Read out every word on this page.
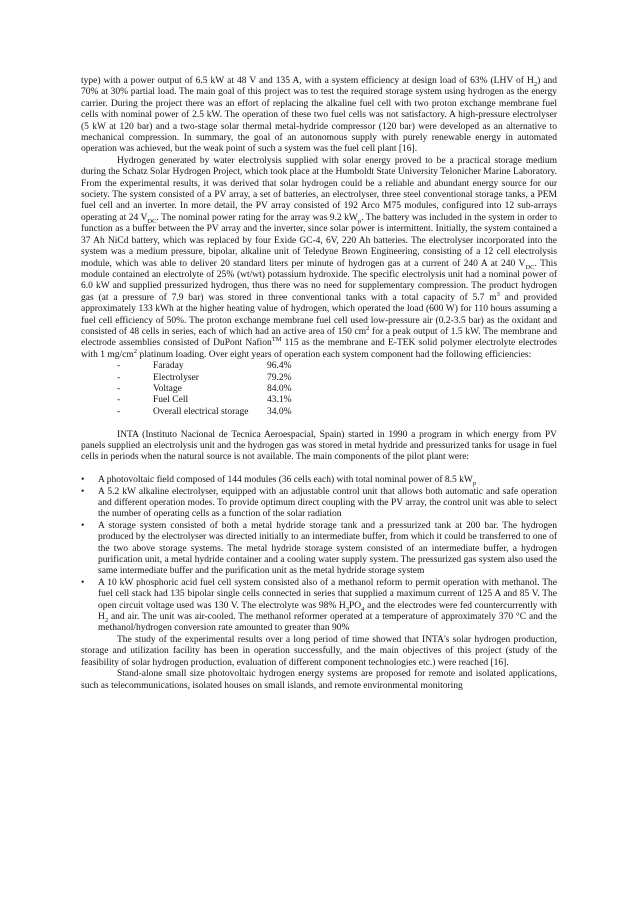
type) with a power output of 6.5 kW at 48 V and 135 A, with a system efficiency at design load of 63% (LHV of $H_2$) and 70% at 30% partial load. The main goal of this project was to test the required storage system using hydrogen as the energy carrier. During the project there was an effort of replacing the alkaline fuel cell with two proton exchange membrane fuel cells with nominal power of 2.5 kW. The operation of these two fuel cells was not satisfactory. A high-pressure electrolyser (5 kW at 120 bar) and a two-stage solar thermal metal-hydride compressor (120 bar) were developed as an alternative to mechanical compression. In summary, the goal of an autonomous supply with purely renewable energy in automated operation was achieved, but the weak point of such a system was the fuel cell plant [16].

Hydrogen generated by water electrolysis supplied with solar energy proved to be a practical storage medium during the Schatz Solar Hydrogen Project, which took place at the Humboldt State University Telonicher Marine Laboratory. From the experimental results, it was derived that solar hydrogen could be a reliable and abundant energy source for our society. The system consisted of a PV array, a set of batteries, an electrolyser, three steel conventional storage tanks, a PEM fuel cell and an inverter. In more detail, the PV array consisted of 192 Arco M75 modules, configured into 12 sub-arrays operating at 24 $V_{DC}$. The nominal power rating for the array was 9.2 $kW_p$. The battery was included in the system in order to function as a buffer between the PV array and the inverter, since solar power is intermittent. Initially, the system contained a 37 Ah NiCd battery, which was replaced by four Exide GC-4, 6V, 220 Ah batteries. The electrolyser incorporated into the system was a medium pressure, bipolar, alkaline unit of Teledyne Brown Engineering, consisting of a 12 cell electrolysis module, which was able to deliver 20 standard liters per minute of hydrogen gas at a current of 240 A at 240 $V_{DC}$. This module contained an electrolyte of 25% (wt/wt) potassium hydroxide. The specific electrolysis unit had a nominal power of 6.0 kW and supplied pressurized hydrogen, thus there was no need for supplementary compression. The product hydrogen gas (at a pressure of 7.9 bar) was stored in three conventional tanks with a total capacity of 5.7 $m^3$ and provided approximately 133 kWh at the higher heating value of hydrogen, which operated the load (600 W) for 110 hours assuming a fuel cell efficiency of 50%. The proton exchange membrane fuel cell used low-pressure air (0.2-3.5 bar) as the oxidant and consisted of 48 cells in series, each of which had an active area of 150 $cm^2$ for a peak output of 1.5 kW. The membrane and electrode assemblies consisted of DuPont Nafion™ 115 as the membrane and E-TEK solid polymer electrolyte electrodes with 1 $mg/cm^2$ platinum loading. Over eight years of operation each system component had the following efficiencies:

-	Faraday	96.4%
-	Electrolyser	79.2%
-	Voltage	84.0%
-	Fuel Cell	43.1%
-	Overall electrical storage	34.0%

INTA (Instituto Nacional de Tecnica Aeroespacial, Spain) started in 1990 a program in which energy from PV panels supplied an electrolysis unit and the hydrogen gas was stored in metal hydride and pressurized tanks for usage in fuel cells in periods when the natural source is not available. The main components of the pilot plant were:

• A photovoltaic field composed of 144 modules (36 cells each) with total nominal power of 8.5 $kW_p$
• A 5.2 kW alkaline electrolyser, equipped with an adjustable control unit that allows both automatic and safe operation and different operation modes. To provide optimum direct coupling with the PV array, the control unit was able to select the number of operating cells as a function of the solar radiation
• A storage system consisted of both a metal hydride storage tank and a pressurized tank at 200 bar. The hydrogen produced by the electrolyser was directed initially to an intermediate buffer, from which it could be transferred to one of the two above storage systems. The metal hydride storage system consisted of an intermediate buffer, a hydrogen purification unit, a metal hydride container and a cooling water supply system. The pressurized gas system also used the same intermediate buffer and the purification unit as the metal hydride storage system
• A 10 kW phosphoric acid fuel cell system consisted also of a methanol reform to permit operation with methanol. The fuel cell stack had 135 bipolar single cells connected in series that supplied a maximum current of 125 A and 85 V. The open circuit voltage used was 130 V. The electrolyte was 98% $H_3PO_4$ and the electrodes were fed countercurrently with $H_2$ and air. The unit was air-cooled. The methanol reformer operated at a temperature of approximately 370 °C and the methanol/hydrogen conversion rate amounted to greater than 90%

The study of the experimental results over a long period of time showed that INTA's solar hydrogen production, storage and utilization facility has been in operation successfully, and the main objectives of this project (study of the feasibility of solar hydrogen production, evaluation of different component technologies etc.) were reached [16].

Stand-alone small size photovoltaic hydrogen energy systems are proposed for remote and isolated applications, such as telecommunications, isolated houses on small islands, and remote environmental monitoring
